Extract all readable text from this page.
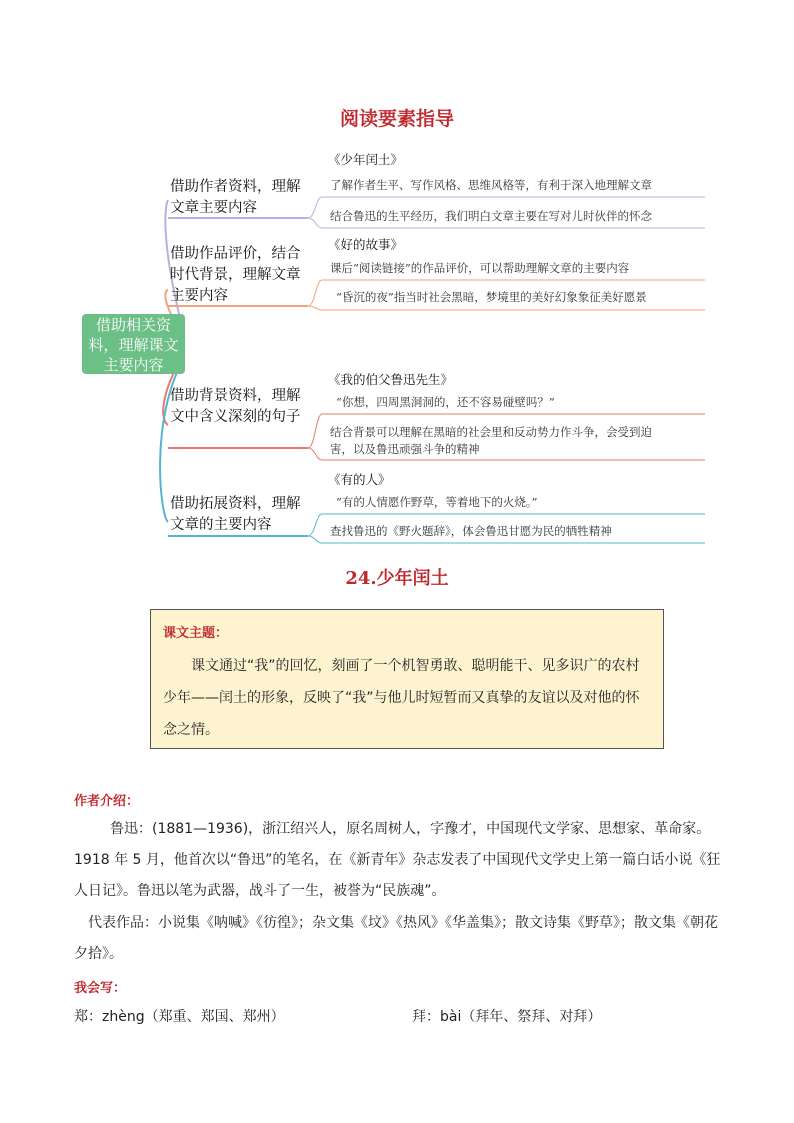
阅读要素指导
借助相关资料，理解课文主要内容
借助作者资料，理解文章主要内容
《少年闰土》
了解作者生平、写作风格、思维风格等，有利于深入地理解文章
结合鲁迅的生平经历，我们明白文章主要在写对儿时伙伴的怀念
借助作品评价，结合时代背景，理解文章主要内容
《好的故事》
课后“阅读链接”的作品评价，可以帮助理解文章的主要内容
“昏沉的夜”指当时社会黑暗，梦境里的美好幻象象征美好愿景
借助背景资料，理解文中含义深刻的句子
《我的伯父鲁迅先生》
“你想，四周黑洞洞的，还不容易碰壁吗？”
结合背景可以理解在黑暗的社会里和反动势力作斗争，会受到迫
害，以及鲁迅顽强斗争的精神
借助拓展资料，理解文章的主要内容
《有的人》
“有的人情愿作野草，等着地下的火烧。”
查找鲁迅的《野火题辞》，体会鲁迅甘愿为民的牺牲精神
24.少年闰土
课文主题：
课文通过“我”的回忆，刻画了一个机智勇敢、聪明能干、见多识广的农村少年——闰土的形象，反映了“我”与他儿时短暂而又真挚的友谊以及对他的怀念之情。
作者介绍：
鲁迅：(1881—1936)，浙江绍兴人，原名周树人，字豫才，中国现代文学家、思想家、革命家。1918 年 5 月，他首次以“鲁迅”的笔名，在《新青年》杂志发表了中国现代文学史上第一篇白话小说《狂人日记》。鲁迅以笔为武器，战斗了一生，被誉为“民族魂”。
代表作品：小说集《呐喊》《彷徨》；杂文集《坟》《热风》《华盖集》；散文诗集《野草》；散文集《朝花夕拾》。
我会写：
郑：zhèng（郑重、郑国、郑州）	拜：bài（拜年、祭拜、对拜）
